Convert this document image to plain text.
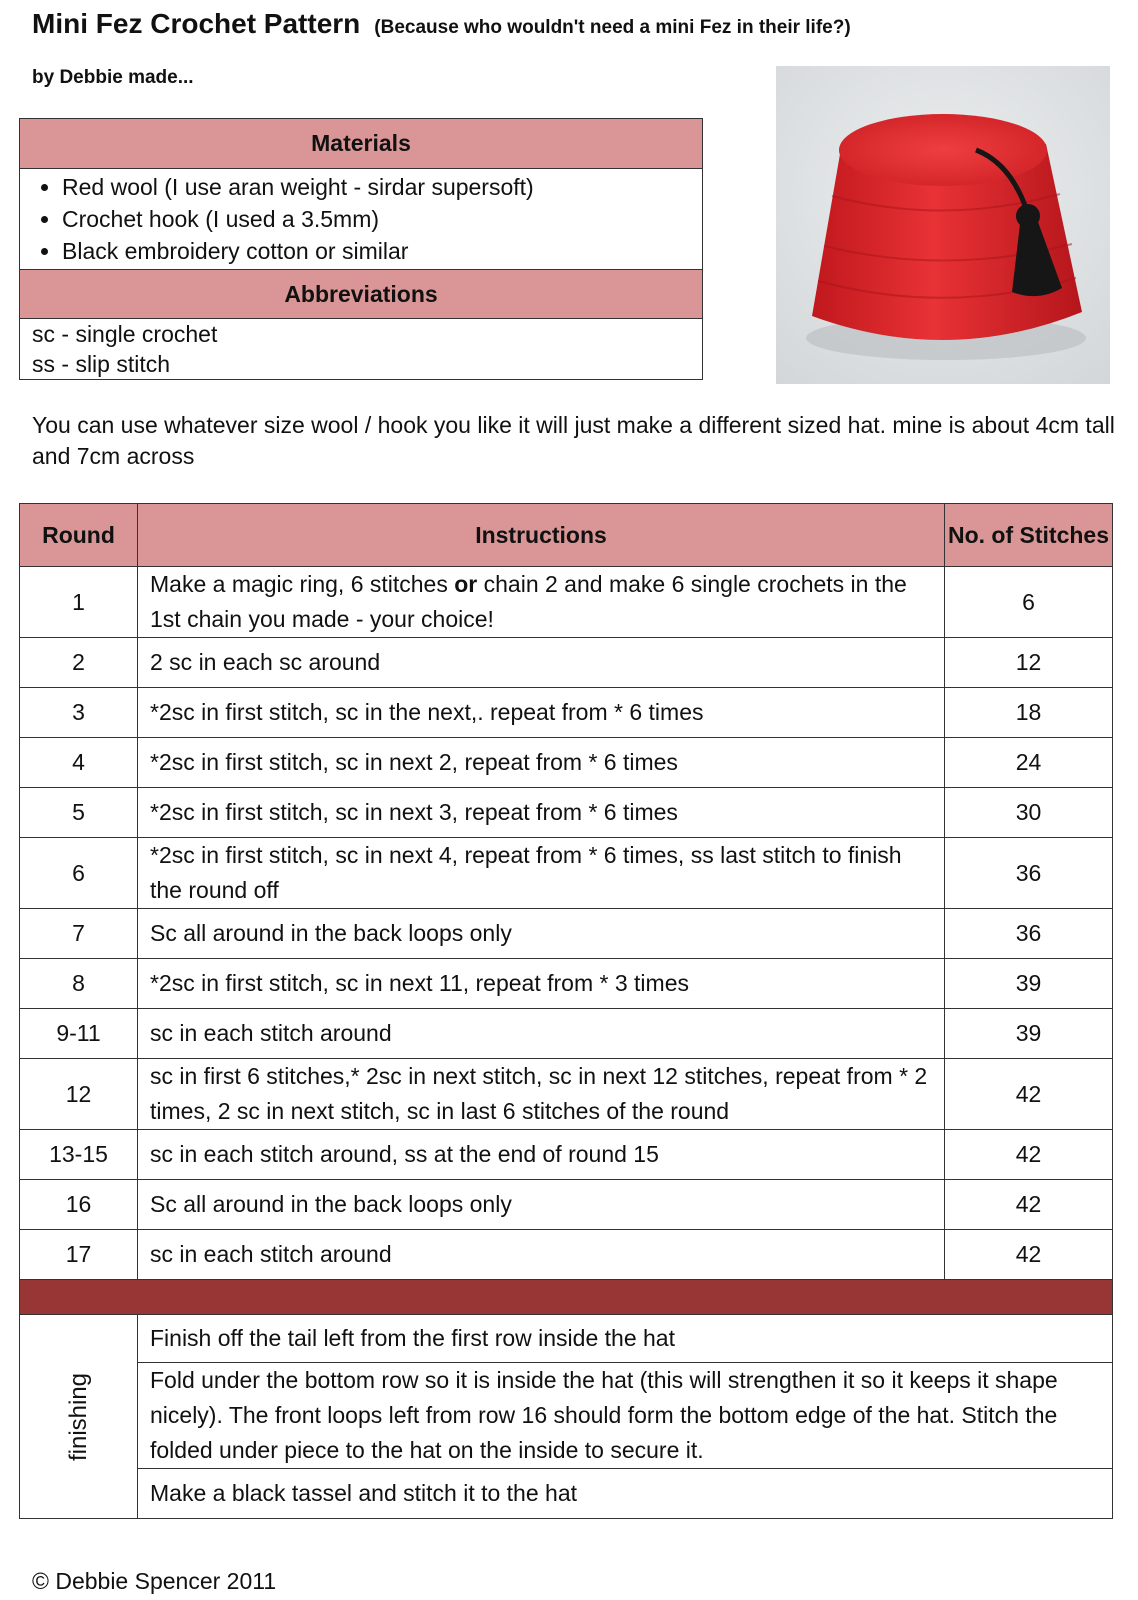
Mini Fez Crochet Pattern (Because who wouldn't need a mini Fez in their life?)
by Debbie made...
Materials

• Red wool (I use aran weight - sirdar supersoft)
• Crochet hook (I used a 3.5mm)
• Black embroidery cotton or similar

Abbreviations

sc - single crochet
ss - slip stitch
You can use whatever size wool / hook you like it will just make a different sized hat. mine is about 4cm tall and 7cm across
Round	Instructions	No. of Stitches
1	Make a magic ring, 6 stitches or chain 2 and make 6 single crochets in the 1st chain you made - your choice!	6
2	2 sc in each sc around	12
3	*2sc in first stitch, sc in the next,. repeat from * 6 times	18
4	*2sc in first stitch, sc in next 2, repeat from * 6 times	24
5	*2sc in first stitch, sc in next 3, repeat from * 6 times	30
6	*2sc in first stitch, sc in next 4, repeat from * 6 times, ss last stitch to finish the round off	36
7	Sc all around in the back loops only	36
8	*2sc in first stitch, sc in next 11, repeat from * 3 times	39
9-11	sc in each stitch around	39
12	sc in first 6 stitches,* 2sc in next stitch, sc in next 12 stitches, repeat from * 2 times, 2 sc in next stitch, sc in last 6 stitches of the round	42
13-15	sc in each stitch around, ss at the end of round 15	42
16	Sc all around in the back loops only	42
17	sc in each stitch around	42

finishing	Finish off the tail left from the first row inside the hat	
	Fold under the bottom row so it is inside the hat (this will strengthen it so it keeps it shape nicely). The front loops left from row 16 should form the bottom edge of the hat. Stitch the folded under piece to the hat on the inside to secure it.	
	Make a black tassel and stitch it to the hat	
© Debbie Spencer 2011
